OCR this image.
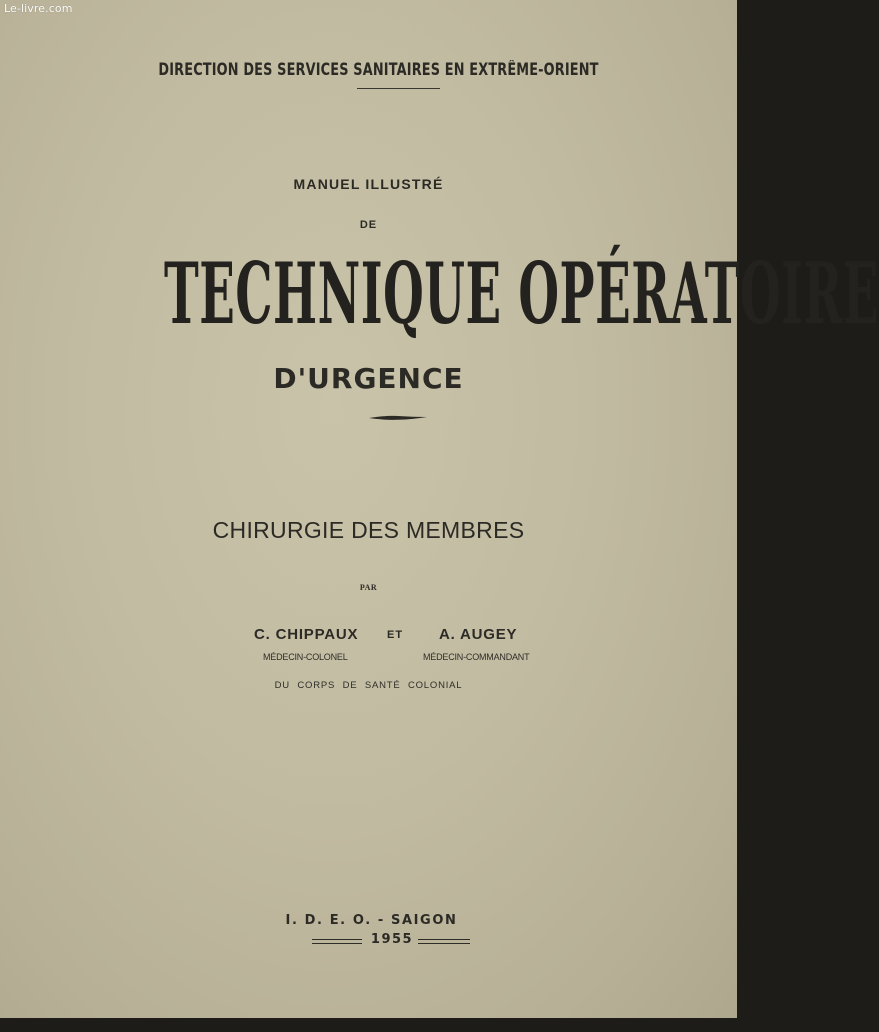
Le-livre.com
DIRECTION DES SERVICES SANITAIRES EN EXTRÊME-ORIENT
MANUEL ILLUSTRÉ
DE
TECHNIQUE OPÉRATOIRE
D'URGENCE
CHIRURGIE DES MEMBRES
PAR
C. CHIPPAUX	ET A. AUGEY
MÉDECIN-COLONEL	MÉDECIN-COMMANDANT
DU CORPS DE SANTÉ COLONIAL
I. D. E. O. - SAIGON
1955
